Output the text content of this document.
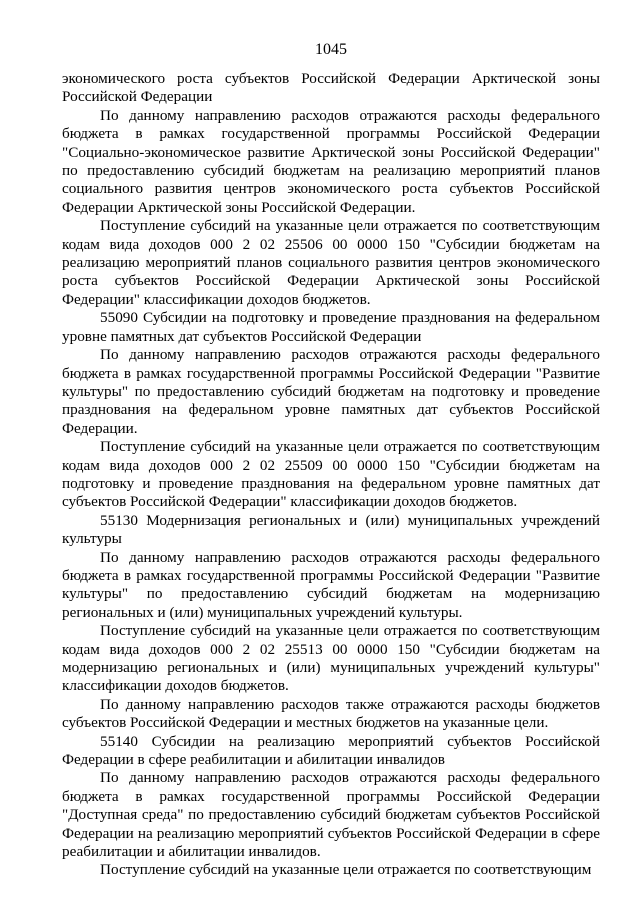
1045

экономического роста субъектов Российской Федерации Арктической зоны Российской Федерации

По данному направлению расходов отражаются расходы федерального бюджета в рамках государственной программы Российской Федерации "Социально-экономическое развитие Арктической зоны Российской Федерации" по предоставлению субсидий бюджетам на реализацию мероприятий планов социального развития центров экономического роста субъектов Российской Федерации Арктической зоны Российской Федерации.

Поступление субсидий на указанные цели отражается по соответствующим кодам вида доходов 000 2 02 25506 00 0000 150 "Субсидии бюджетам на реализацию мероприятий планов социального развития центров экономического роста субъектов Российской Федерации Арктической зоны Российской Федерации" классификации доходов бюджетов.

55090 Субсидии на подготовку и проведение празднования на федеральном уровне памятных дат субъектов Российской Федерации

По данному направлению расходов отражаются расходы федерального бюджета в рамках государственной программы Российской Федерации "Развитие культуры" по предоставлению субсидий бюджетам на подготовку и проведение празднования на федеральном уровне памятных дат субъектов Российской Федерации.

Поступление субсидий на указанные цели отражается по соответствующим кодам вида доходов 000 2 02 25509 00 0000 150 "Субсидии бюджетам на подготовку и проведение празднования на федеральном уровне памятных дат субъектов Российской Федерации" классификации доходов бюджетов.

55130 Модернизация региональных и (или) муниципальных учреждений культуры

По данному направлению расходов отражаются расходы федерального бюджета в рамках государственной программы Российской Федерации "Развитие культуры" по предоставлению субсидий бюджетам на модернизацию региональных и (или) муниципальных учреждений культуры.

Поступление субсидий на указанные цели отражается по соответствующим кодам вида доходов 000 2 02 25513 00 0000 150 "Субсидии бюджетам на модернизацию региональных и (или) муниципальных учреждений культуры" классификации доходов бюджетов.

По данному направлению расходов также отражаются расходы бюджетов субъектов Российской Федерации и местных бюджетов на указанные цели.

55140 Субсидии на реализацию мероприятий субъектов Российской Федерации в сфере реабилитации и абилитации инвалидов

По данному направлению расходов отражаются расходы федерального бюджета в рамках государственной программы Российской Федерации "Доступная среда" по предоставлению субсидий бюджетам субъектов Российской Федерации на реализацию мероприятий субъектов Российской Федерации в сфере реабилитации и абилитации инвалидов.

Поступление субсидий на указанные цели отражается по соответствующим
